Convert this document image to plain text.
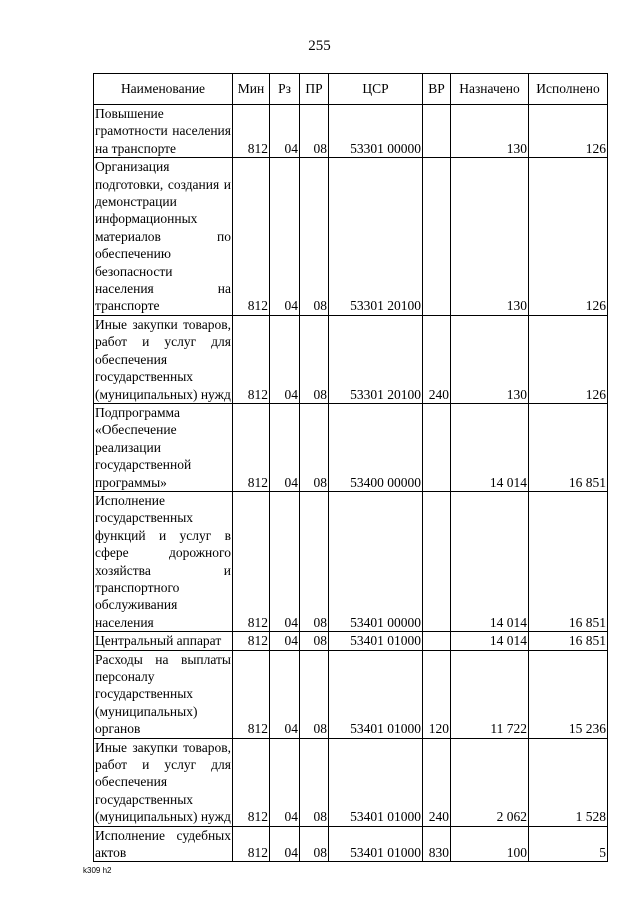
255
Наименование	Мин	Рз	ПР	ЦСР	ВР	Назначено	Исполнено
Повышение грамотности населения на транспорте	812	04	08	53301 00000		130	126
Организация подготовки, создания и демонстрации информационных материалов по обеспечению безопасности населения на транспорте	812	04	08	53301 20100		130	126
Иные закупки товаров, работ и услуг для обеспечения государственных (муниципальных) нужд	812	04	08	53301 20100	240	130	126
Подпрограмма «Обеспечение реализации государственной программы»	812	04	08	53400 00000		14 014	16 851
Исполнение государственных функций и услуг в сфере дорожного хозяйства и транспортного обслуживания населения	812	04	08	53401 00000		14 014	16 851
Центральный аппарат	812	04	08	53401 01000		14 014	16 851
Расходы на выплаты персоналу государственных (муниципальных) органов	812	04	08	53401 01000	120	11 722	15 236
Иные закупки товаров, работ и услуг для обеспечения государственных (муниципальных) нужд	812	04	08	53401 01000	240	2 062	1 528
Исполнение судебных актов	812	04	08	53401 01000	830	100	5
k309 h2
